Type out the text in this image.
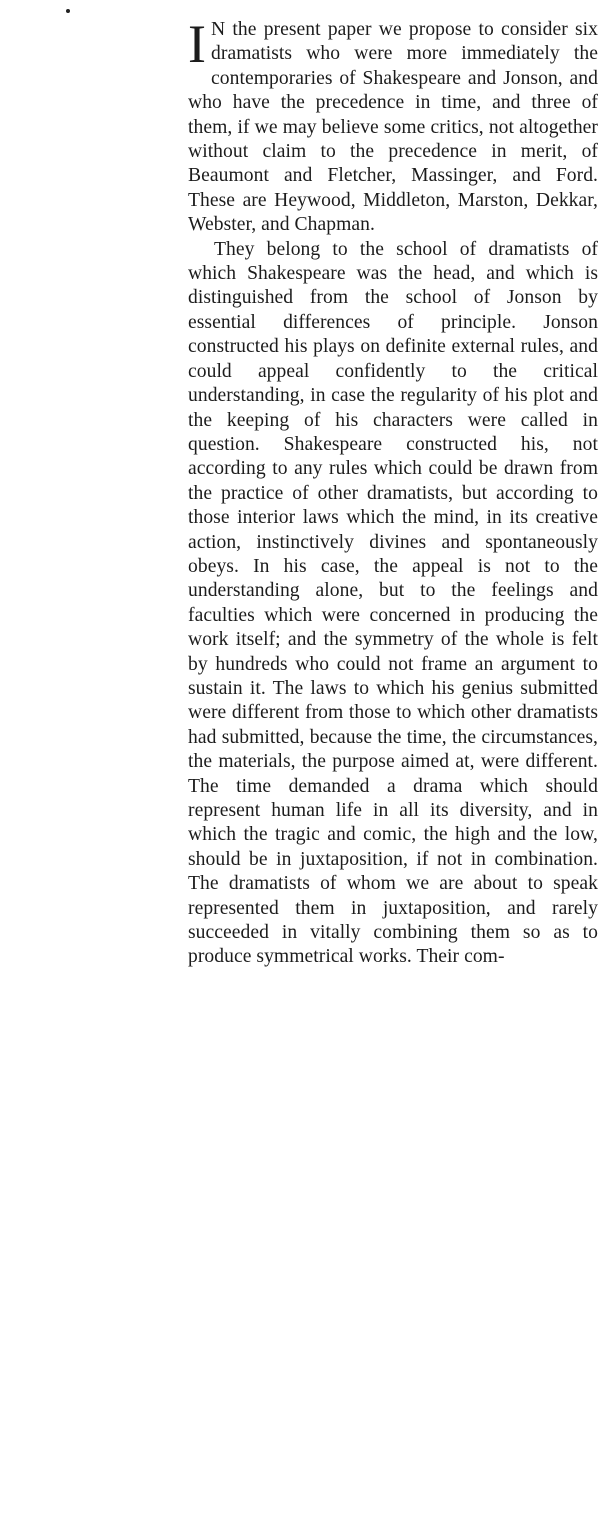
I N the present paper we propose to consider six dramatists who were more immediately the contemporaries of Shakespeare and Jonson, and who have the precedence in time, and three of them, if we may believe some critics, not altogether without claim to the precedence in merit, of Beaumont and Fletcher, Massinger, and Ford. These are Heywood, Middleton, Marston, Dekkar, Webster, and Chapman.

They belong to the school of dramatists of which Shakespeare was the head, and which is distinguished from the school of Jonson by essential differences of principle. Jonson constructed his plays on definite external rules, and could appeal confidently to the critical understanding, in case the regularity of his plot and the keeping of his characters were called in question. Shakespeare constructed his, not according to any rules which could be drawn from the practice of other dramatists, but according to those interior laws which the mind, in its creative action, instinctively divines and spontaneously obeys. In his case, the appeal is not to the understanding alone, but to the feelings and faculties which were concerned in producing the work itself; and the symmetry of the whole is felt by hundreds who could not frame an argument to sustain it. The laws to which his genius submitted were different from those to which other dramatists had submitted, because the time, the circumstances, the materials, the purpose aimed at, were different. The time demanded a drama which should represent human life in all its diversity, and in which the tragic and comic, the high and the low, should be in juxtaposition, if not in combination. The dramatists of whom we are about to speak represented them in juxtaposition, and rarely succeeded in vitally combining them so as to produce symmetrical works. Their com-
